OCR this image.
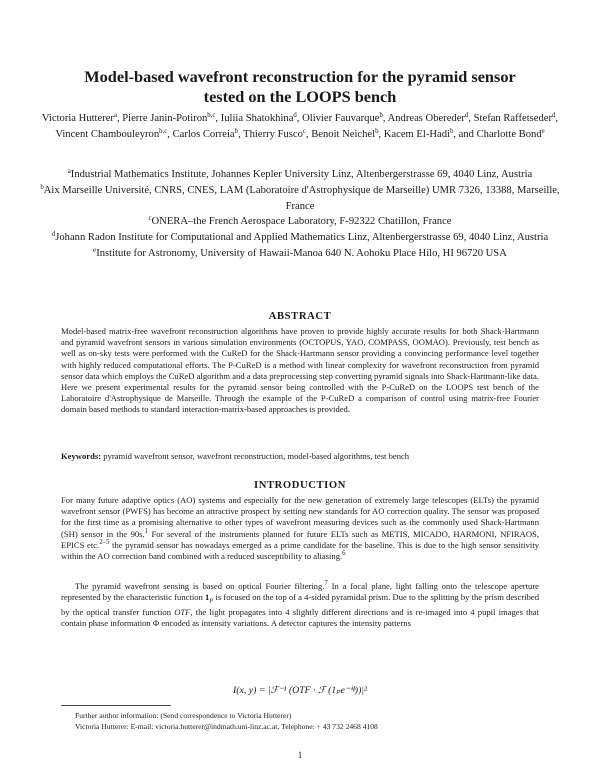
Model-based wavefront reconstruction for the pyramid sensor
tested on the LOOPS bench
Victoria Hutterer$^a$, Pierre Janin-Potiron$^{b,c}$, Iuliia Shatokhina$^d$, Olivier Fauvarque$^b$, Andreas Obereder$^d$, Stefan Raffetseder$^d$, Vincent Chambouleyron$^{b,c}$, Carlos Correia$^b$, Thierry Fusco$^c$, Benoit Neichel$^b$, Kacem El-Hadi$^b$, and Charlotte Bond$^e$
$^a$Industrial Mathematics Institute, Johannes Kepler University Linz, Altenbergerstrasse 69, 4040 Linz, Austria
$^b$Aix Marseille Université, CNRS, CNES, LAM (Laboratoire d'Astrophysique de Marseille) UMR 7326, 13388, Marseille, France
$^c$ONERA–the French Aerospace Laboratory, F-92322 Chatillon, France
$^d$Johann Radon Institute for Computational and Applied Mathematics Linz, Altenbergerstrasse 69, 4040 Linz, Austria
$^e$Institute for Astronomy, University of Hawaii-Manoa 640 N. Aohoku Place Hilo, HI 96720 USA
ABSTRACT
Model-based matrix-free wavefront reconstruction algorithms have proven to provide highly accurate results for both Shack-Hartmann and pyramid wavefront sensors in various simulation environments (OCTOPUS, YAO, COMPASS, OOMAO). Previously, test bench as well as on-sky tests were performed with the CuReD for the Shack-Hartmann sensor providing a convincing performance level together with highly reduced computational efforts. The P-CuReD is a method with linear complexity for wavefront reconstruction from pyramid sensor data which employs the CuReD algorithm and a data preprocessing step converting pyramid signals into Shack-Hartmann-like data. Here we present experimental results for the pyramid sensor being controlled with the P-CuReD on the LOOPS test bench of the Laboratoire d'Astrophysique de Marseille. Through the example of the P-CuReD a comparison of control using matrix-free Fourier domain based methods to standard interaction-matrix-based approaches is provided.
Keywords: pyramid wavefront sensor, wavefront reconstruction, model-based algorithms, test bench
INTRODUCTION
For many future adaptive optics (AO) systems and especially for the new generation of extremely large telescopes (ELTs) the pyramid wavefront sensor (PWFS) has become an attractive prospect by setting new standards for AO correction quality. The sensor was proposed for the first time as a promising alternative to other types of wavefront measuring devices such as the commonly used Shack-Hartmann (SH) sensor in the 90s.$^1$ For several of the instruments planned for future ELTs such as METIS, MICADO, HARMONI, NFIRAOS, EPICS etc.$^{2-5}$ the pyramid sensor has nowadays emerged as a prime candidate for the baseline. This is due to the high sensor sensitivity within the AO correction band combined with a reduced susceptibility to aliasing.$^6$
The pyramid wavefront sensing is based on optical Fourier filtering.$^7$ In a focal plane, light falling onto the telescope aperture represented by the characteristic function $1_P$ is focused on the top of a 4-sided pyramidal prism. Due to the splitting by the prism described by the optical transfer function OTF, the light propagates into 4 slightly different directions and is re-imaged into 4 pupil images that contain phase information Φ encoded as intensity variations. A detector captures the intensity patterns
I(x, y) = |ℱ⁻¹ (OTF · ℱ (1ₚe⁻ⁱᶲ))|²
Further author information: (Send correspondence to Victoria Hutterer)
Victoria Hutterer: E-mail: victoria.hutterer@indmath.uni-linz.ac.at, Telephone: + 43 732 2468 4108
1
